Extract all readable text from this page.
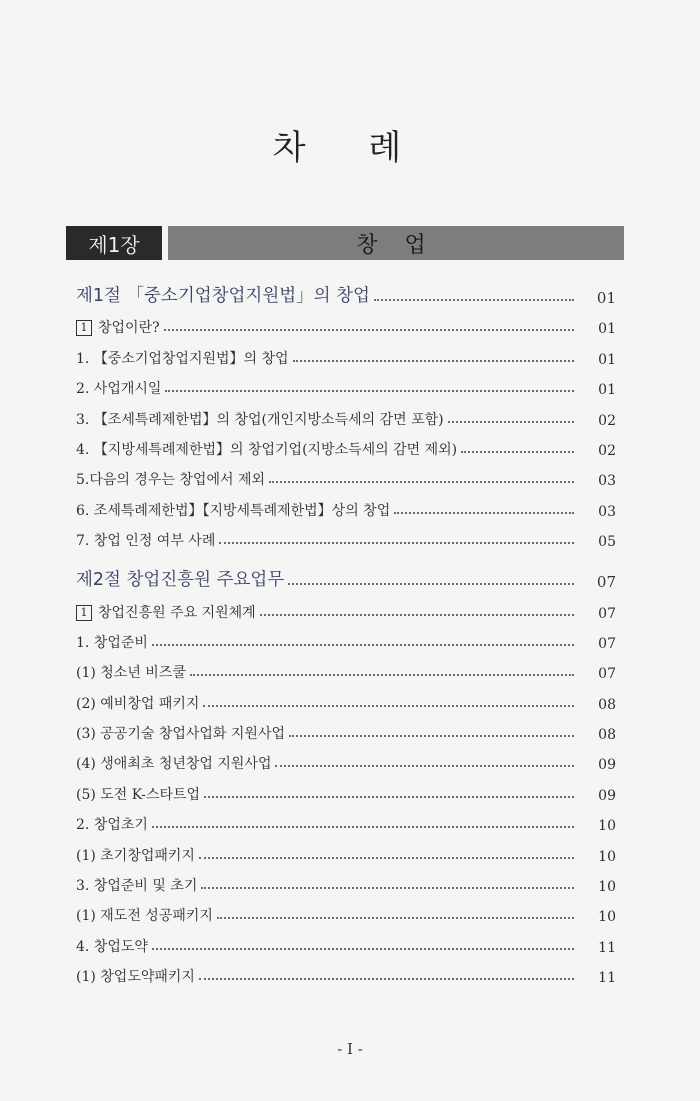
차 례
제1장	창 업
제1절 「중소기업창업지원법」의 창업	01
1 창업이란?	01
1. 【중소기업창업지원법】의 창업	01
2. 사업개시일	01
3. 【조세특례제한법】의 창업(개인지방소득세의 감면 포함)	02
4. 【지방세특례제한법】의 창업기업(지방소득세의 감면 제외)	02
5.다음의 경우는 창업에서 제외	03
6. 조세특례제한법】【지방세특례제한법】상의 창업	03
7. 창업 인정 여부 사례	05
제2절 창업진흥원 주요업무	07
1 창업진흥원 주요 지원체계	07
1. 창업준비	07
(1) 청소년 비즈쿨	07
(2) 예비창업 패키지	08
(3) 공공기술 창업사업화 지원사업	08
(4) 생애최초 청년창업 지원사업	09
(5) 도전 K-스타트업	09
2. 창업초기	10
(1) 초기창업패키지	10
3. 창업준비 및 초기	10
(1) 재도전 성공패키지	10
4. 창업도약	11
(1) 창업도약패키지	11
- I -
